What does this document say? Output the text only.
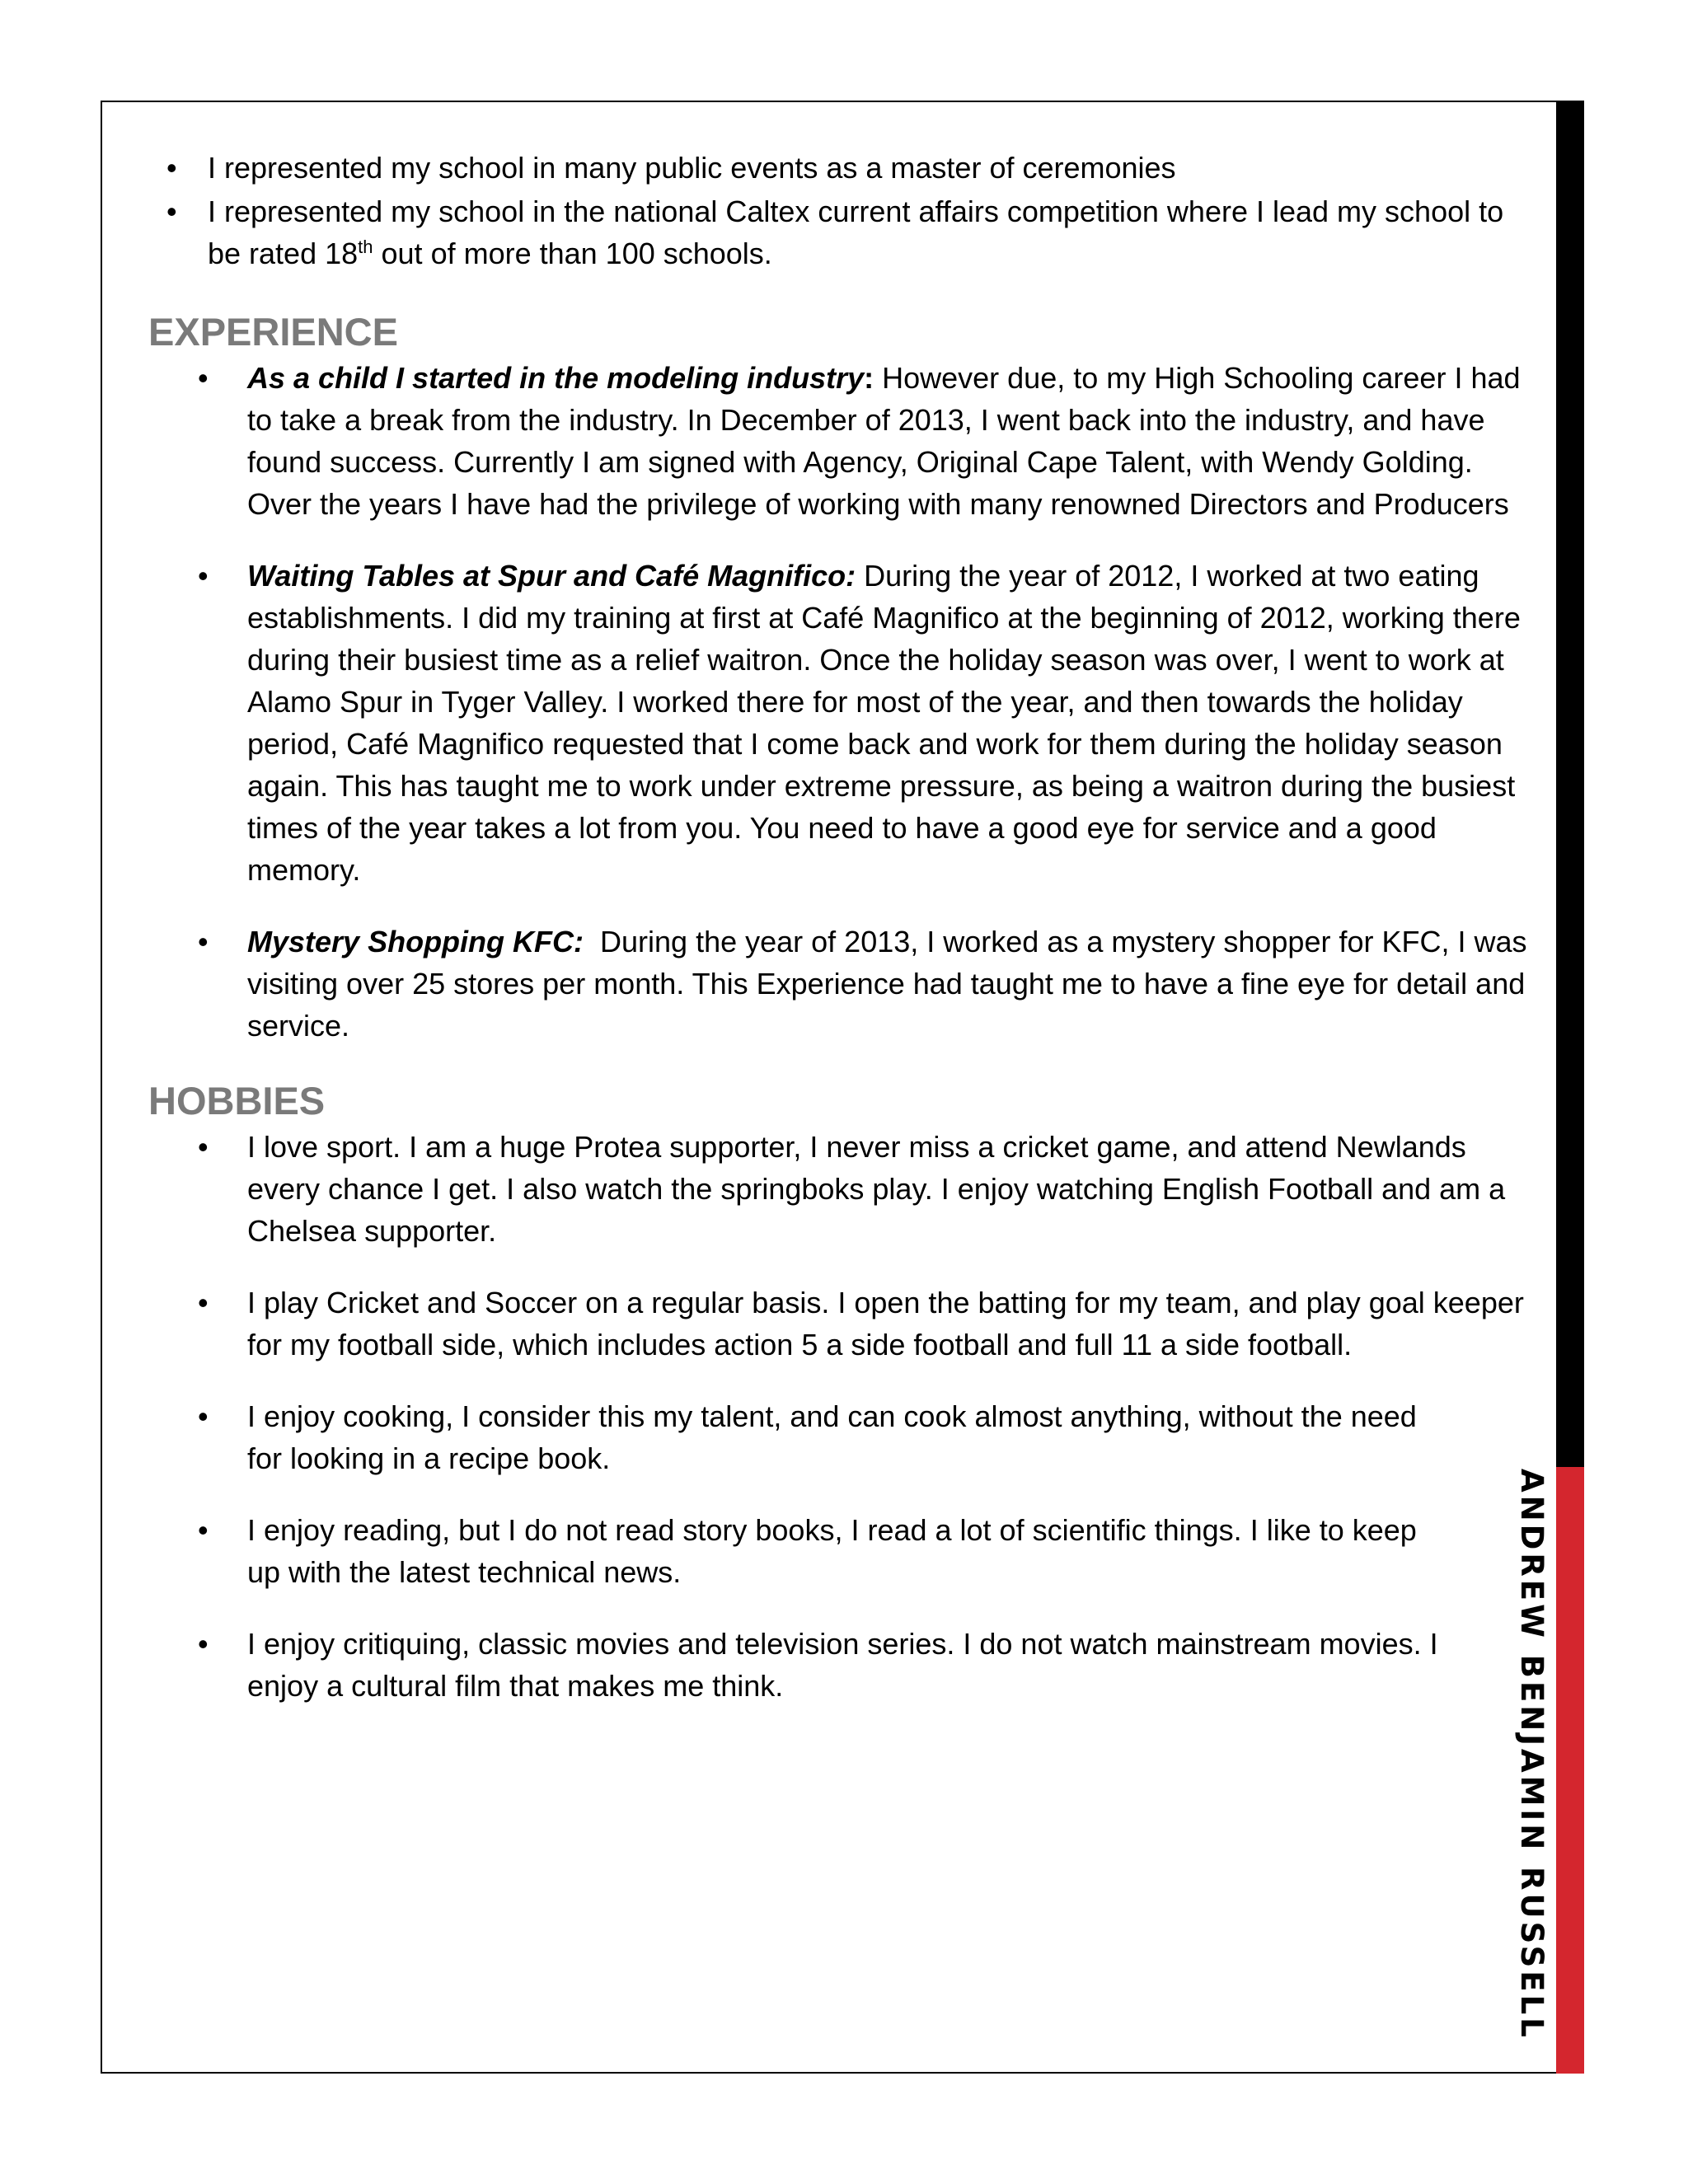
ANDREW BENJAMIN RUSSELL
• I represented my school in many public events as a master of ceremonies
• I represented my school in the national Caltex current affairs competition where I lead my school to be rated 18th out of more than 100 schools.
EXPERIENCE
• As a child I started in the modeling industry: However due, to my High Schooling career I had to take a break from the industry. In December of 2013, I went back into the industry, and have found success. Currently I am signed with Agency, Original Cape Talent, with Wendy Golding. Over the years I have had the privilege of working with many renowned Directors and Producers
• Waiting Tables at Spur and Café Magnifico: During the year of 2012, I worked at two eating establishments. I did my training at first at Café Magnifico at the beginning of 2012, working there during their busiest time as a relief waitron. Once the holiday season was over, I went to work at Alamo Spur in Tyger Valley. I worked there for most of the year, and then towards the holiday period, Café Magnifico requested that I come back and work for them during the holiday season again. This has taught me to work under extreme pressure, as being a waitron during the busiest times of the year takes a lot from you. You need to have a good eye for service and a good memory.
• Mystery Shopping KFC:  During the year of 2013, I worked as a mystery shopper for KFC, I was visiting over 25 stores per month. This Experience had taught me to have a fine eye for detail and service.
HOBBIES
• I love sport. I am a huge Protea supporter, I never miss a cricket game, and attend Newlands every chance I get. I also watch the springboks play. I enjoy watching English Football and am a Chelsea supporter.
• I play Cricket and Soccer on a regular basis. I open the batting for my team, and play goal keeper for my football side, which includes action 5 a side football and full 11 a side football.
• I enjoy cooking, I consider this my talent, and can cook almost anything, without the need for looking in a recipe book.
• I enjoy reading, but I do not read story books, I read a lot of scientific things. I like to keep up with the latest technical news.
• I enjoy critiquing, classic movies and television series. I do not watch mainstream movies. I enjoy a cultural film that makes me think.
